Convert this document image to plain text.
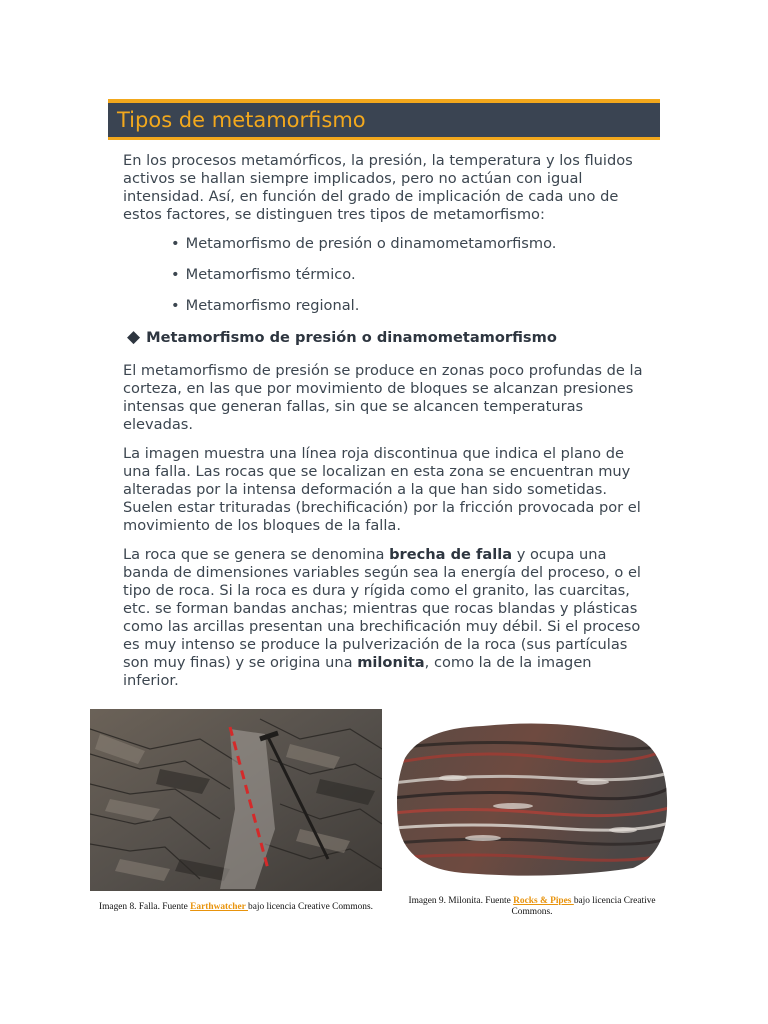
Tipos de metamorfismo

En los procesos metamórficos, la presión, la temperatura y los fluidos activos se hallan siempre implicados, pero no actúan con igual intensidad. Así, en función del grado de implicación de cada uno de estos factores, se distinguen tres tipos de metamorfismo:

• Metamorfismo de presión o dinamometamorfismo.
• Metamorfismo térmico.
• Metamorfismo regional.
◆ Metamorfismo de presión o dinamometamorfismo

El metamorfismo de presión se produce en zonas poco profundas de la corteza, en las que por movimiento de bloques se alcanzan presiones intensas que generan fallas, sin que se alcancen temperaturas elevadas.

La imagen muestra una línea roja discontinua que indica el plano de una falla. Las rocas que se localizan en esta zona se encuentran muy alteradas por la intensa deformación a la que han sido sometidas. Suelen estar trituradas (brechificación) por la fricción provocada por el movimiento de los bloques de la falla.

La roca que se genera se denomina brecha de falla y ocupa una banda de dimensiones variables según sea la energía del proceso, o el tipo de roca. Si la roca es dura y rígida como el granito, las cuarcitas, etc. se forman bandas anchas; mientras que rocas blandas y plásticas como las arcillas presentan una brechificación muy débil. Si el proceso es muy intenso se produce la pulverización de la roca (sus partículas son muy finas) y se origina una milonita, como la de la imagen inferior.

Imagen 8. Falla. Fuente Earthwatcher bajo licencia Creative Commons.
Imagen 9. Milonita. Fuente Rocks & Pipes bajo licencia Creative Commons.
